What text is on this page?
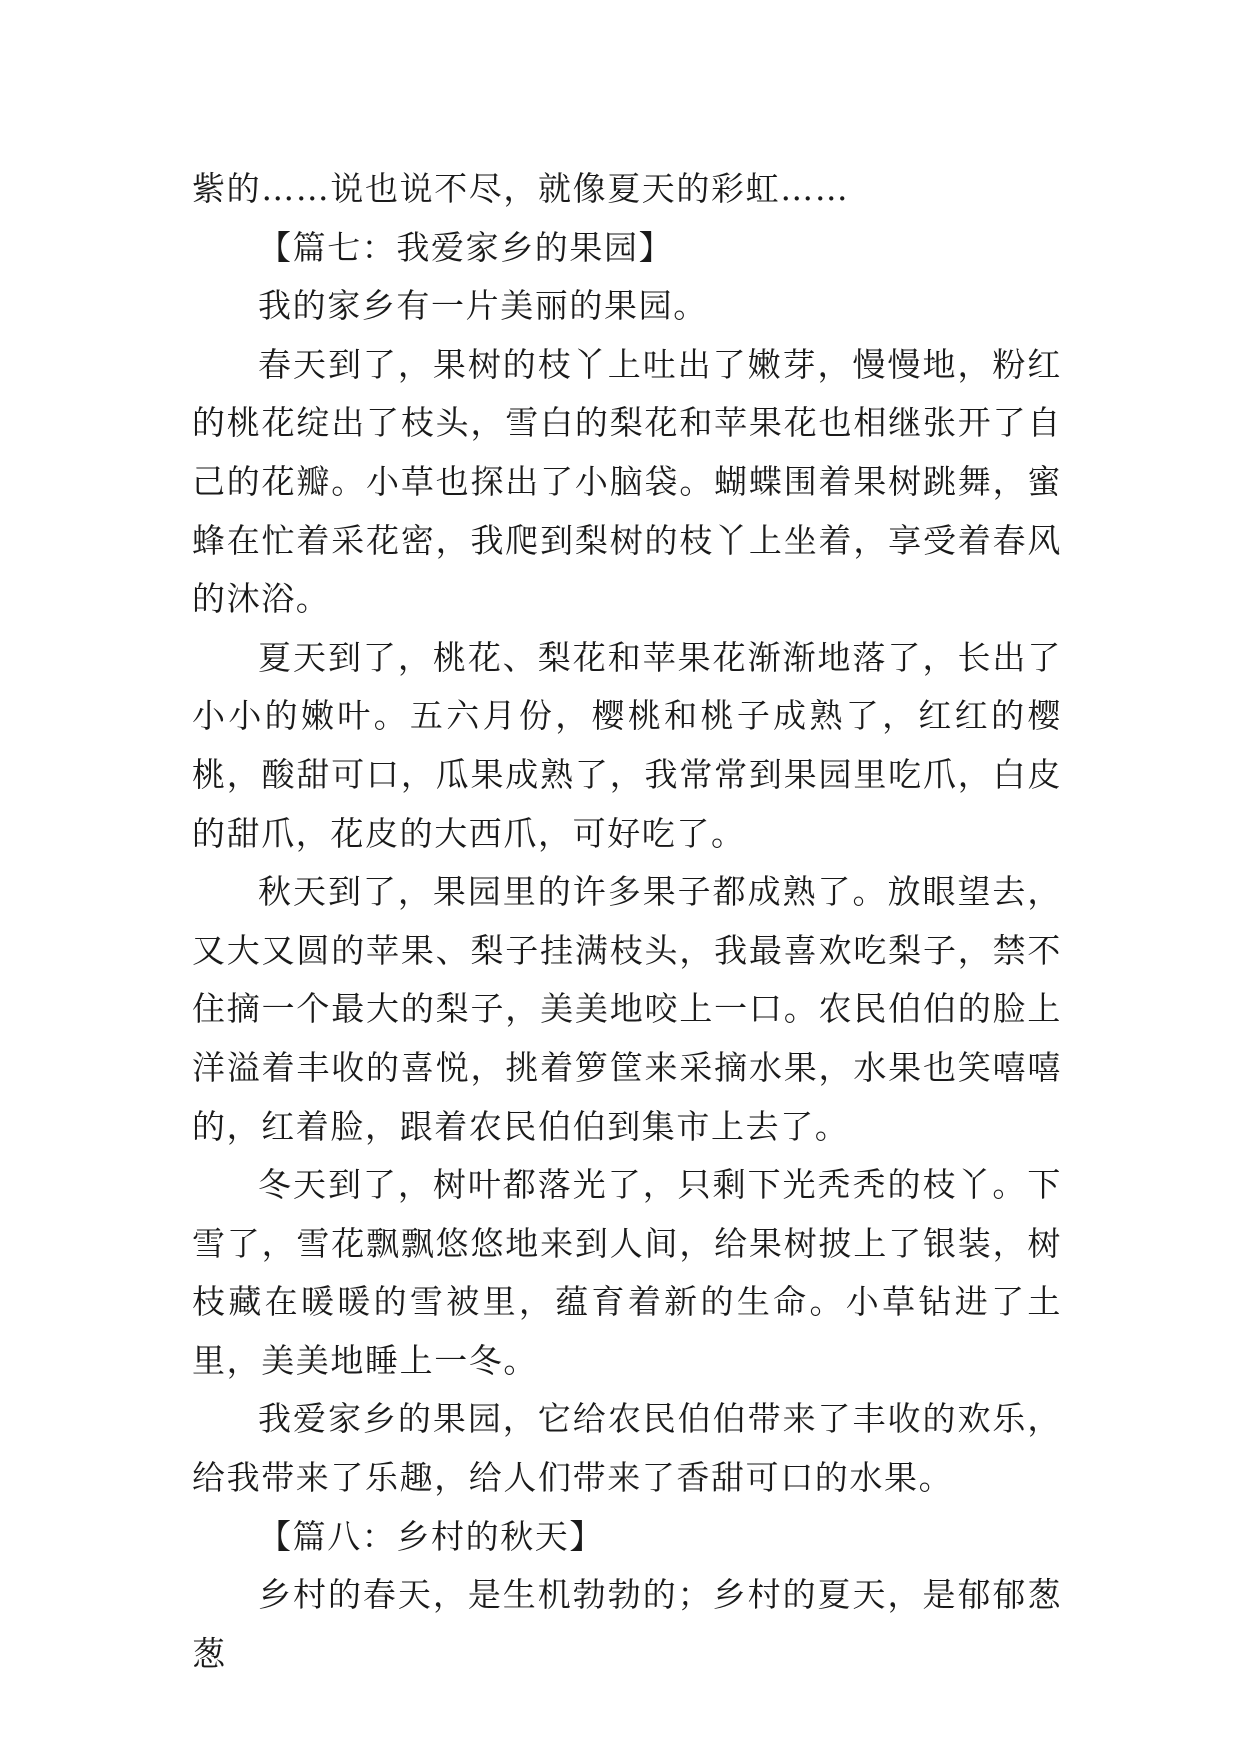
紫的……说也说不尽，就像夏天的彩虹……

【篇七：我爱家乡的果园】

我的家乡有一片美丽的果园。

春天到了，果树的枝丫上吐出了嫩芽，慢慢地，粉红的桃花绽出了枝头，雪白的梨花和苹果花也相继张开了自己的花瓣。小草也探出了小脑袋。蝴蝶围着果树跳舞，蜜蜂在忙着采花密，我爬到梨树的枝丫上坐着，享受着春风的沐浴。

夏天到了，桃花、梨花和苹果花渐渐地落了，长出了小小的嫩叶。五六月份，樱桃和桃子成熟了，红红的樱桃，酸甜可口，瓜果成熟了，我常常到果园里吃爪，白皮的甜爪，花皮的大西爪，可好吃了。

秋天到了，果园里的许多果子都成熟了。放眼望去，又大又圆的苹果、梨子挂满枝头，我最喜欢吃梨子，禁不住摘一个最大的梨子，美美地咬上一口。农民伯伯的脸上洋溢着丰收的喜悦，挑着箩筐来采摘水果，水果也笑嘻嘻的，红着脸，跟着农民伯伯到集市上去了。

冬天到了，树叶都落光了，只剩下光秃秃的枝丫。下雪了，雪花飘飘悠悠地来到人间，给果树披上了银装，树枝藏在暖暖的雪被里，蕴育着新的生命。小草钻进了土里，美美地睡上一冬。

我爱家乡的果园，它给农民伯伯带来了丰收的欢乐，给我带来了乐趣，给人们带来了香甜可口的水果。

【篇八：乡村的秋天】

乡村的春天，是生机勃勃的；乡村的夏天，是郁郁葱葱
